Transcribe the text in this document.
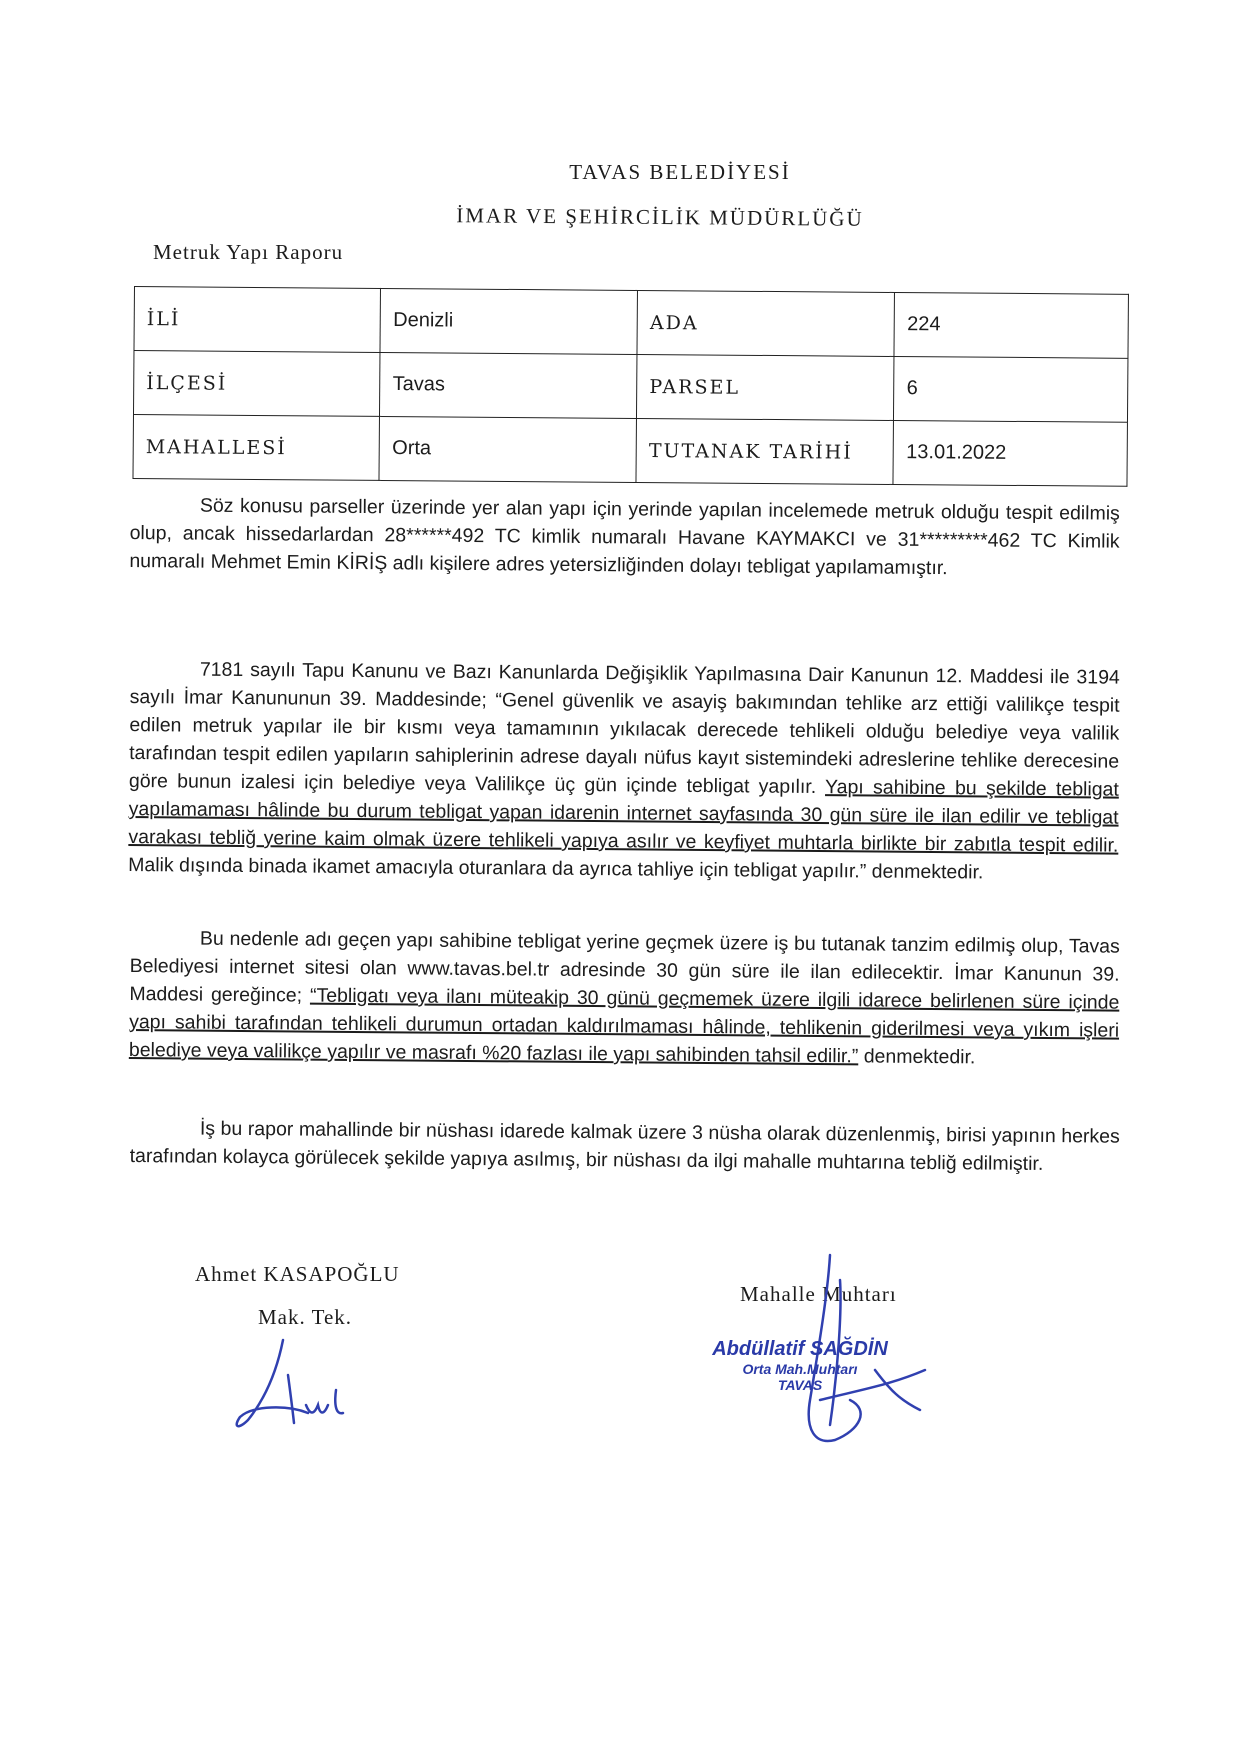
TAVAS BELEDİYESİ
İMAR VE ŞEHİRCİLİK MÜDÜRLÜĞÜ
Metruk Yapı Raporu
İLİ	Denizli	ADA	224
İLÇESİ	Tavas	PARSEL	6
MAHALLESİ	Orta	TUTANAK TARİHİ	13.01.2022
Söz konusu parseller üzerinde yer alan yapı için yerinde yapılan incelemede metruk olduğu tespit edilmiş olup, ancak hissedarlardan 28******492 TC kimlik numaralı Havane KAYMAKCI ve 31*********462 TC Kimlik numaralı Mehmet Emin KİRİŞ adlı kişilere adres yetersizliğinden dolayı tebligat yapılamamıştır.
7181 sayılı Tapu Kanunu ve Bazı Kanunlarda Değişiklik Yapılmasına Dair Kanunun 12. Maddesi ile 3194 sayılı İmar Kanununun 39. Maddesinde; “Genel güvenlik ve asayiş bakımından tehlike arz ettiği valilikçe tespit edilen metruk yapılar ile bir kısmı veya tamamının yıkılacak derecede tehlikeli olduğu belediye veya valilik tarafından tespit edilen yapıların sahiplerinin adrese dayalı nüfus kayıt sistemindeki adreslerine tehlike derecesine göre bunun izalesi için belediye veya Valilikçe üç gün içinde tebligat yapılır. Yapı sahibine bu şekilde tebligat yapılamaması hâlinde bu durum tebligat yapan idarenin internet sayfasında 30 gün süre ile ilan edilir ve tebligat varakası tebliğ yerine kaim olmak üzere tehlikeli yapıya asılır ve keyfiyet muhtarla birlikte bir zabıtla tespit edilir. Malik dışında binada ikamet amacıyla oturanlara da ayrıca tahliye için tebligat yapılır.” denmektedir.
Bu nedenle adı geçen yapı sahibine tebligat yerine geçmek üzere iş bu tutanak tanzim edilmiş olup, Tavas Belediyesi internet sitesi olan www.tavas.bel.tr adresinde 30 gün süre ile ilan edilecektir. İmar Kanunun 39. Maddesi gereğince; “Tebligatı veya ilanı müteakip 30 günü geçmemek üzere ilgili idarece belirlenen süre içinde yapı sahibi tarafından tehlikeli durumun ortadan kaldırılmaması hâlinde, tehlikenin giderilmesi veya yıkım işleri belediye veya valilikçe yapılır ve masrafı %20 fazlası ile yapı sahibinden tahsil edilir.” denmektedir.
İş bu rapor mahallinde bir nüshası idarede kalmak üzere 3 nüsha olarak düzenlenmiş, birisi yapının herkes tarafından kolayca görülecek şekilde yapıya asılmış, bir nüshası da ilgi mahalle muhtarına tebliğ edilmiştir.
Ahmet KASAPOĞLU
Mak. Tek.
Mahalle Muhtarı
Abdüllatif SAĞDİN
Orta Mah.Muhtarı
TAVAS
